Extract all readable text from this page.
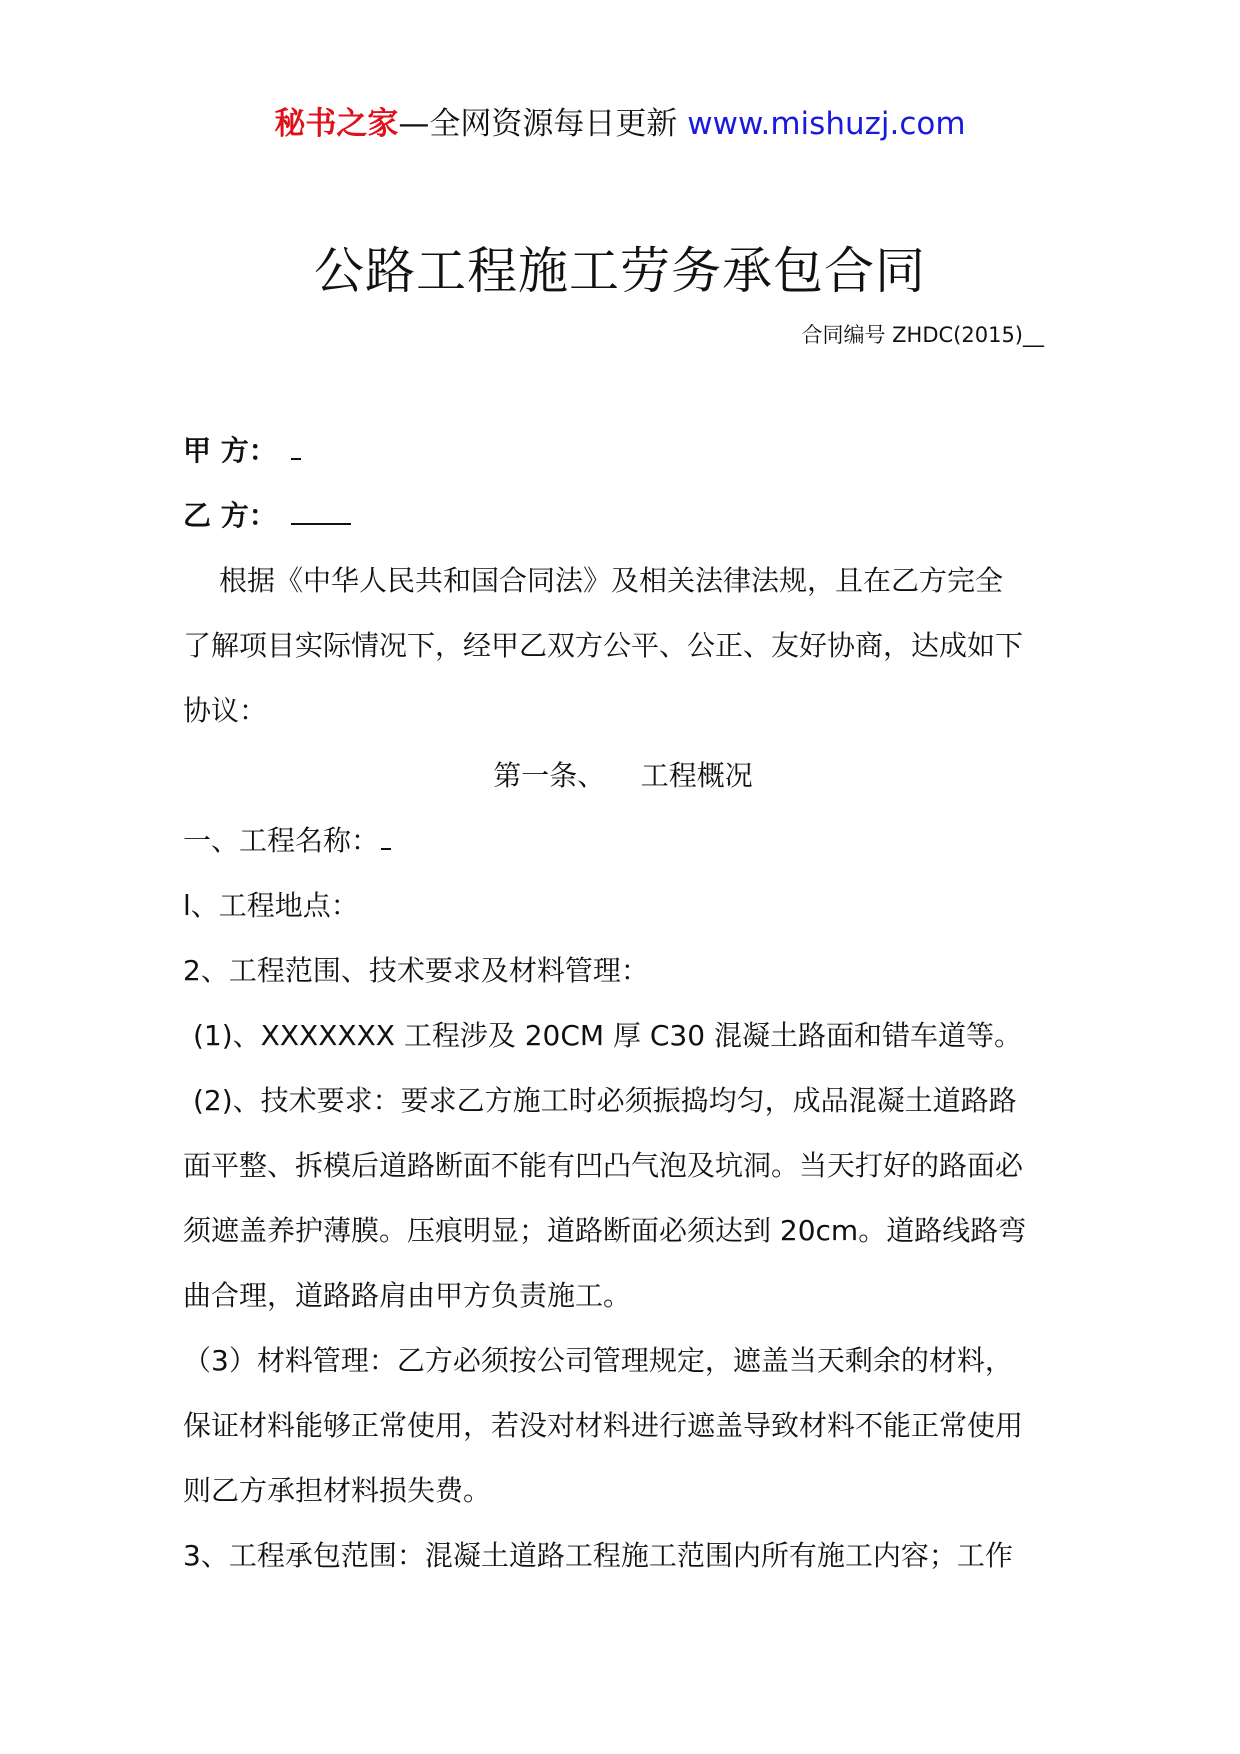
秘书之家—全网资源每日更新 www.mishuzj.com
公路工程施工劳务承包合同
合同编号 ZHDC(2015)__
甲 方：
乙 方：
根据《中华人民共和国合同法》及相关法律法规，且在乙方完全
了解项目实际情况下，经甲乙双方公平、公正、友好协商，达成如下
协议：
第一条、    工程概况
一、工程名称：
l、工程地点：
2、工程范围、技术要求及材料管理：
(1)、XXXXXXX 工程涉及 20CM 厚 C30 混凝土路面和错车道等。
(2)、技术要求：要求乙方施工时必须振捣均匀，成品混凝土道路路
面平整、拆模后道路断面不能有凹凸气泡及坑洞。当天打好的路面必
须遮盖养护薄膜。压痕明显；道路断面必须达到 20cm。道路线路弯
曲合理，道路路肩由甲方负责施工。
（3）材料管理：乙方必须按公司管理规定，遮盖当天剩余的材料，
保证材料能够正常使用，若没对材料进行遮盖导致材料不能正常使用
则乙方承担材料损失费。
3、工程承包范围：混凝土道路工程施工范围内所有施工内容；工作
